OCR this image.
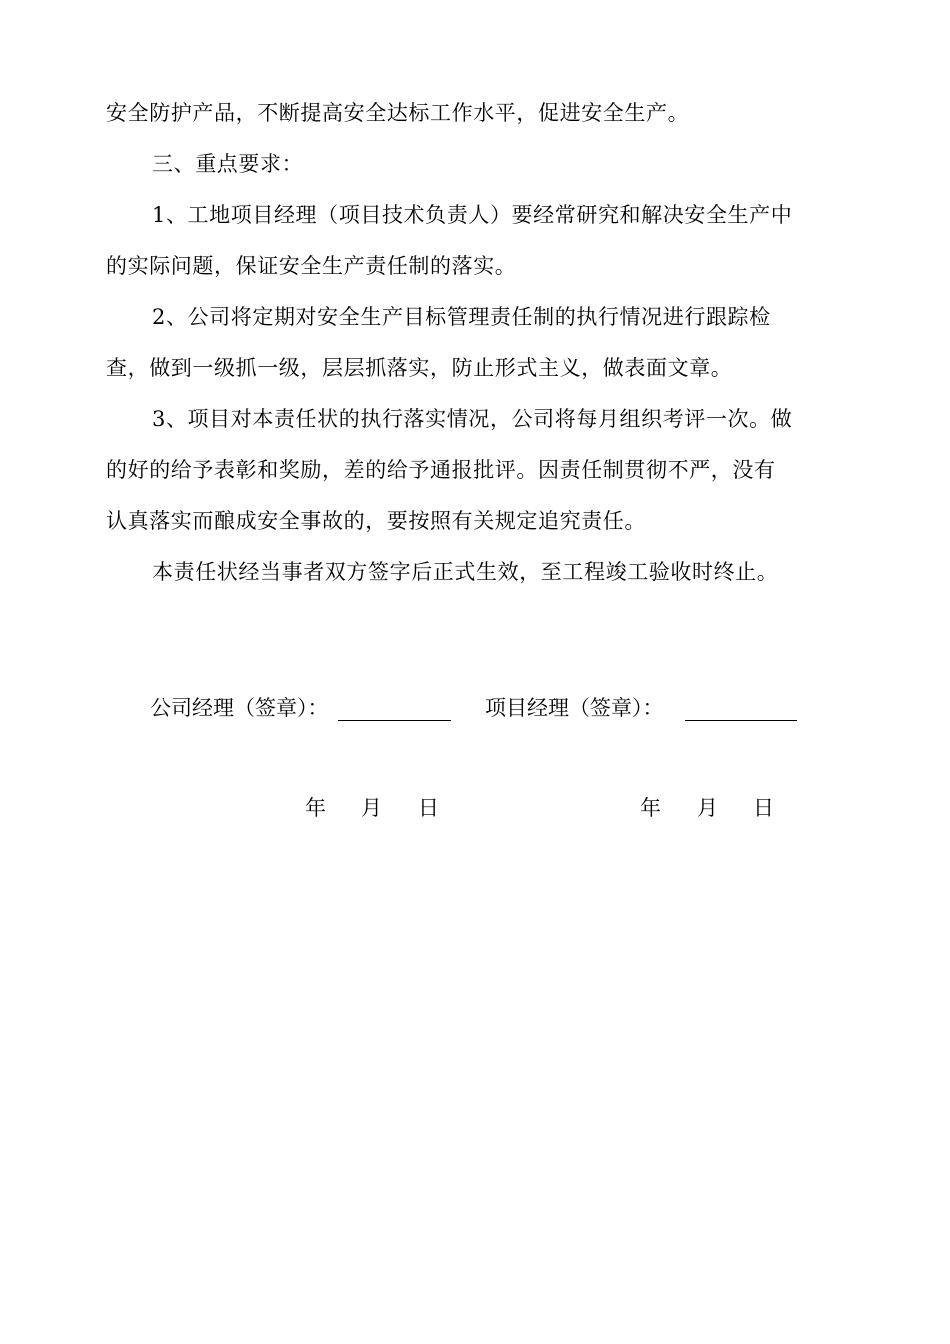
安全防护产品，不断提高安全达标工作水平，促进安全生产。
三、重点要求：
1、工地项目经理（项目技术负责人）要经常研究和解决安全生产中
的实际问题，保证安全生产责任制的落实。
2、公司将定期对安全生产目标管理责任制的执行情况进行跟踪检
查，做到一级抓一级，层层抓落实，防止形式主义，做表面文章。
3、项目对本责任状的执行落实情况，公司将每月组织考评一次。做
的好的给予表彰和奖励，差的给予通报批评。因责任制贯彻不严，没有
认真落实而酿成安全事故的，要按照有关规定追究责任。
本责任状经当事者双方签字后正式生效，至工程竣工验收时终止。
公司经理（签章）：	项目经理（签章）：
年 月 日	年 月 日
